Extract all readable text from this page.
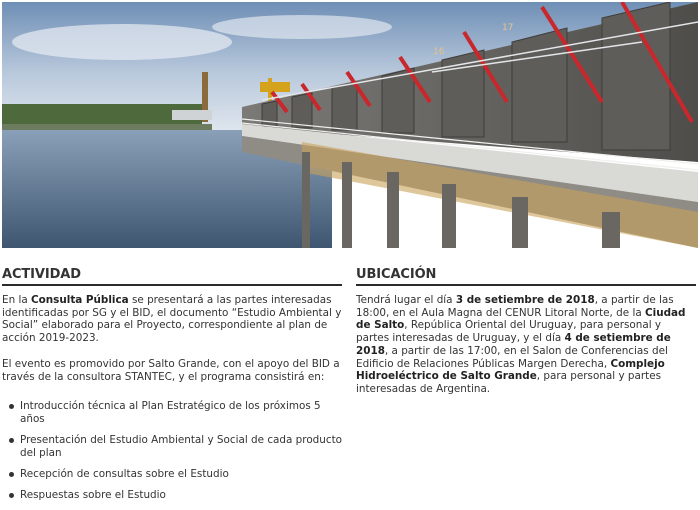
16
17
ACTIVIDAD

En la Consulta Pública se presentará a las partes interesadas identificadas por SG y el BID, el documento “Estudio Ambiental y Social” elaborado para el Proyecto, correspondiente al plan de acción 2019-2023.

El evento es promovido por Salto Grande, con el apoyo del BID a través de la consultora STANTEC, y el programa consistirá en:

Introducción técnica al Plan Estratégico de los próximos 5 años
Presentación del Estudio Ambiental y Social de cada producto del plan
Recepción de consultas sobre el Estudio
Respuestas sobre el Estudio
UBICACIÓN

Tendrá lugar el día 3 de setiembre de 2018, a partir de las 18:00, en el Aula Magna del CENUR Litoral Norte, de la Ciudad de Salto, República Oriental del Uruguay, para personal y partes interesadas de Uruguay, y el día 4 de setiembre de 2018, a partir de las 17:00, en el Salon de Conferencias del Edificio de Relaciones Públicas Margen Derecha, Complejo Hidroeléctrico de Salto Grande, para personal y partes interesadas de Argentina.
